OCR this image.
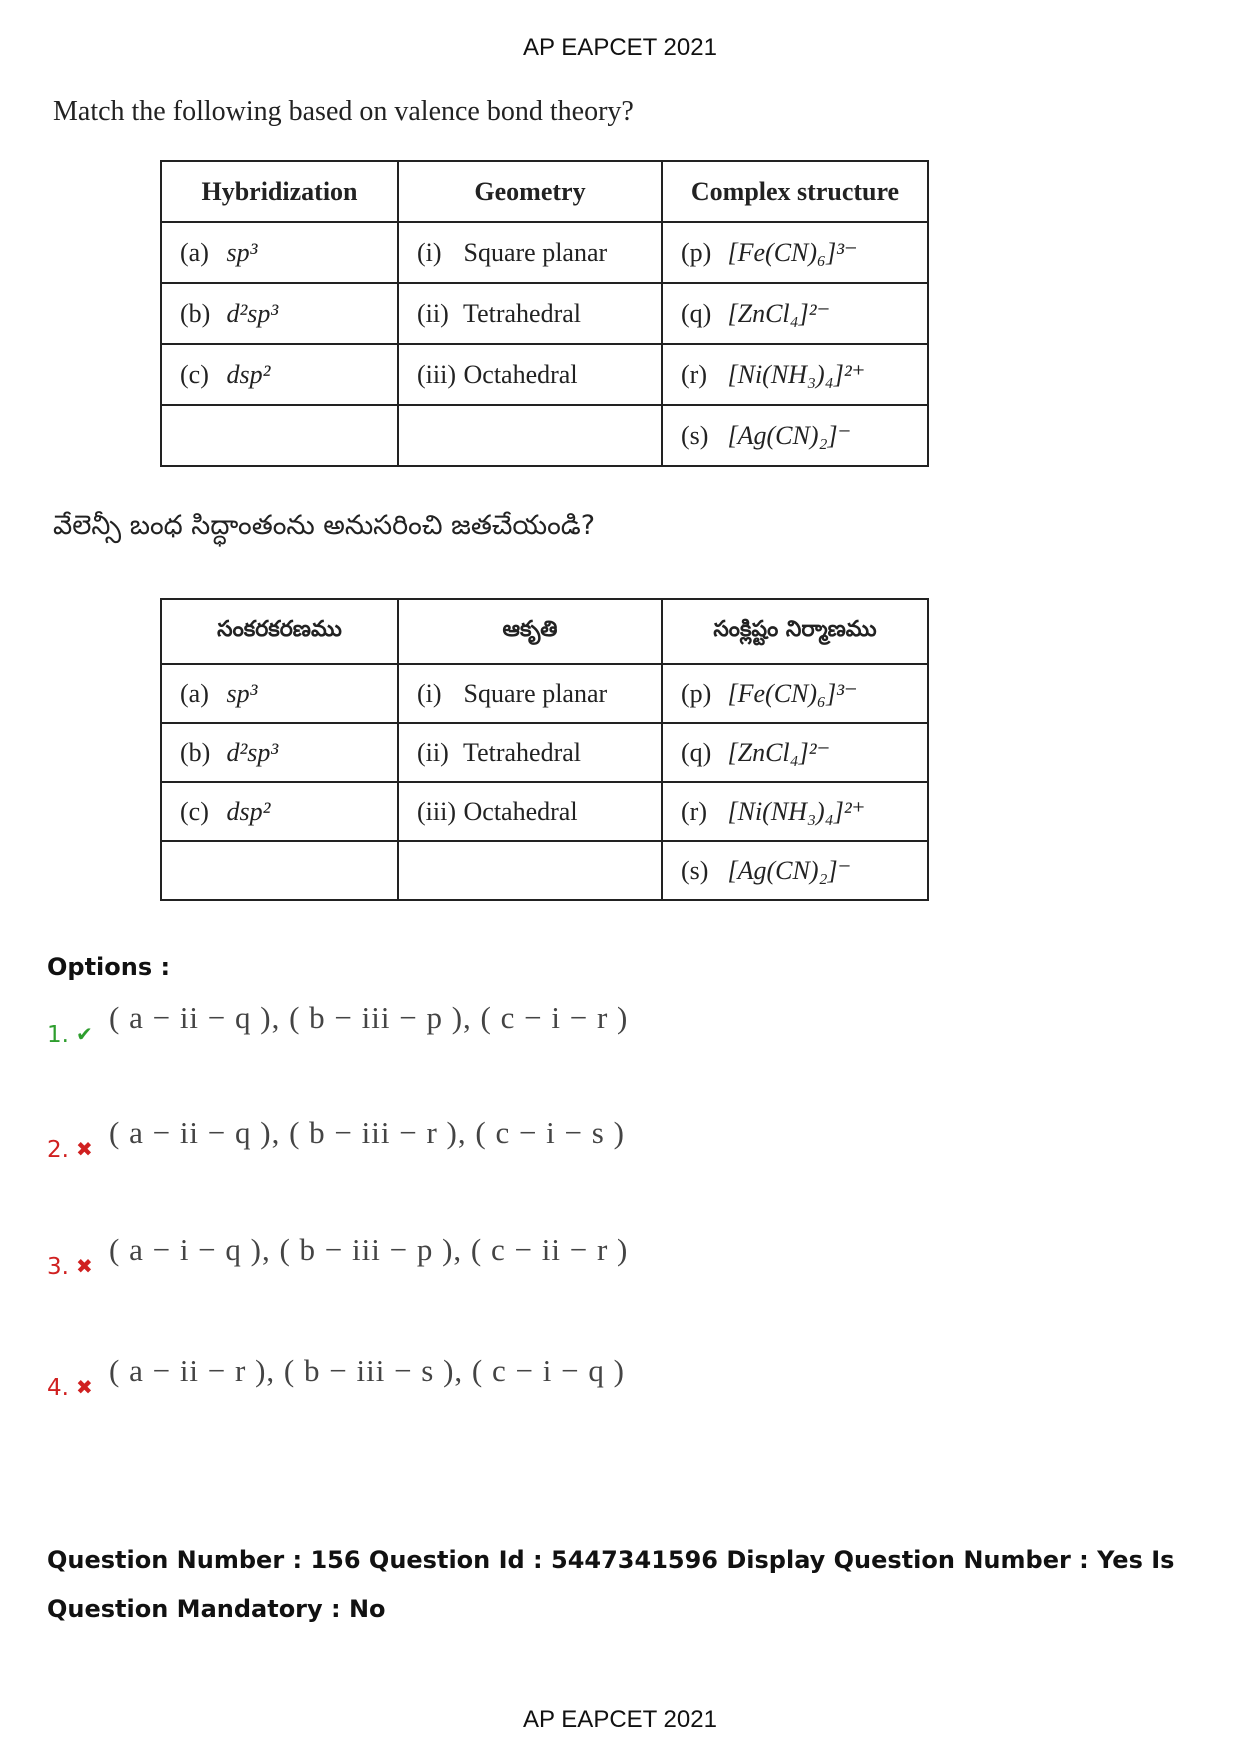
AP EAPCET 2021
Match the following based on valence bond theory?
Hybridization	Geometry	Complex structure
(a) sp³	(i) Square planar	(p) [Fe(CN)₆]³⁻
(b) d²sp³	(ii) Tetrahedral	(q) [ZnCl₄]²⁻
(c) dsp²	(iii) Octahedral	(r) [Ni(NH₃)₄]²⁺
		(s) [Ag(CN)₂]⁻
వేలెన్సీ బంధ సిద్ధాంతంను అనుసరించి జతచేయండి?
సంకరకరణము	ఆకృతి	సంక్లిష్టం నిర్మాణము
(a) sp³	(i) Square planar	(p) [Fe(CN)₆]³⁻
(b) d²sp³	(ii) Tetrahedral	(q) [ZnCl₄]²⁻
(c) dsp²	(iii) Octahedral	(r) [Ni(NH₃)₄]²⁺
		(s) [Ag(CN)₂]⁻
Options :
1. ✔ ( a − ii − q ), ( b − iii − p ), ( c − i − r )
2. ✖ ( a − ii − q ), ( b − iii − r ), ( c − i − s )
3. ✖ ( a − i − q ), ( b − iii − p ), ( c − ii − r )
4. ✖ ( a − ii − r ), ( b − iii − s ), ( c − i − q )
Question Number : 156 Question Id : 5447341596 Display Question Number : Yes Is Question Mandatory : No
AP EAPCET 2021
